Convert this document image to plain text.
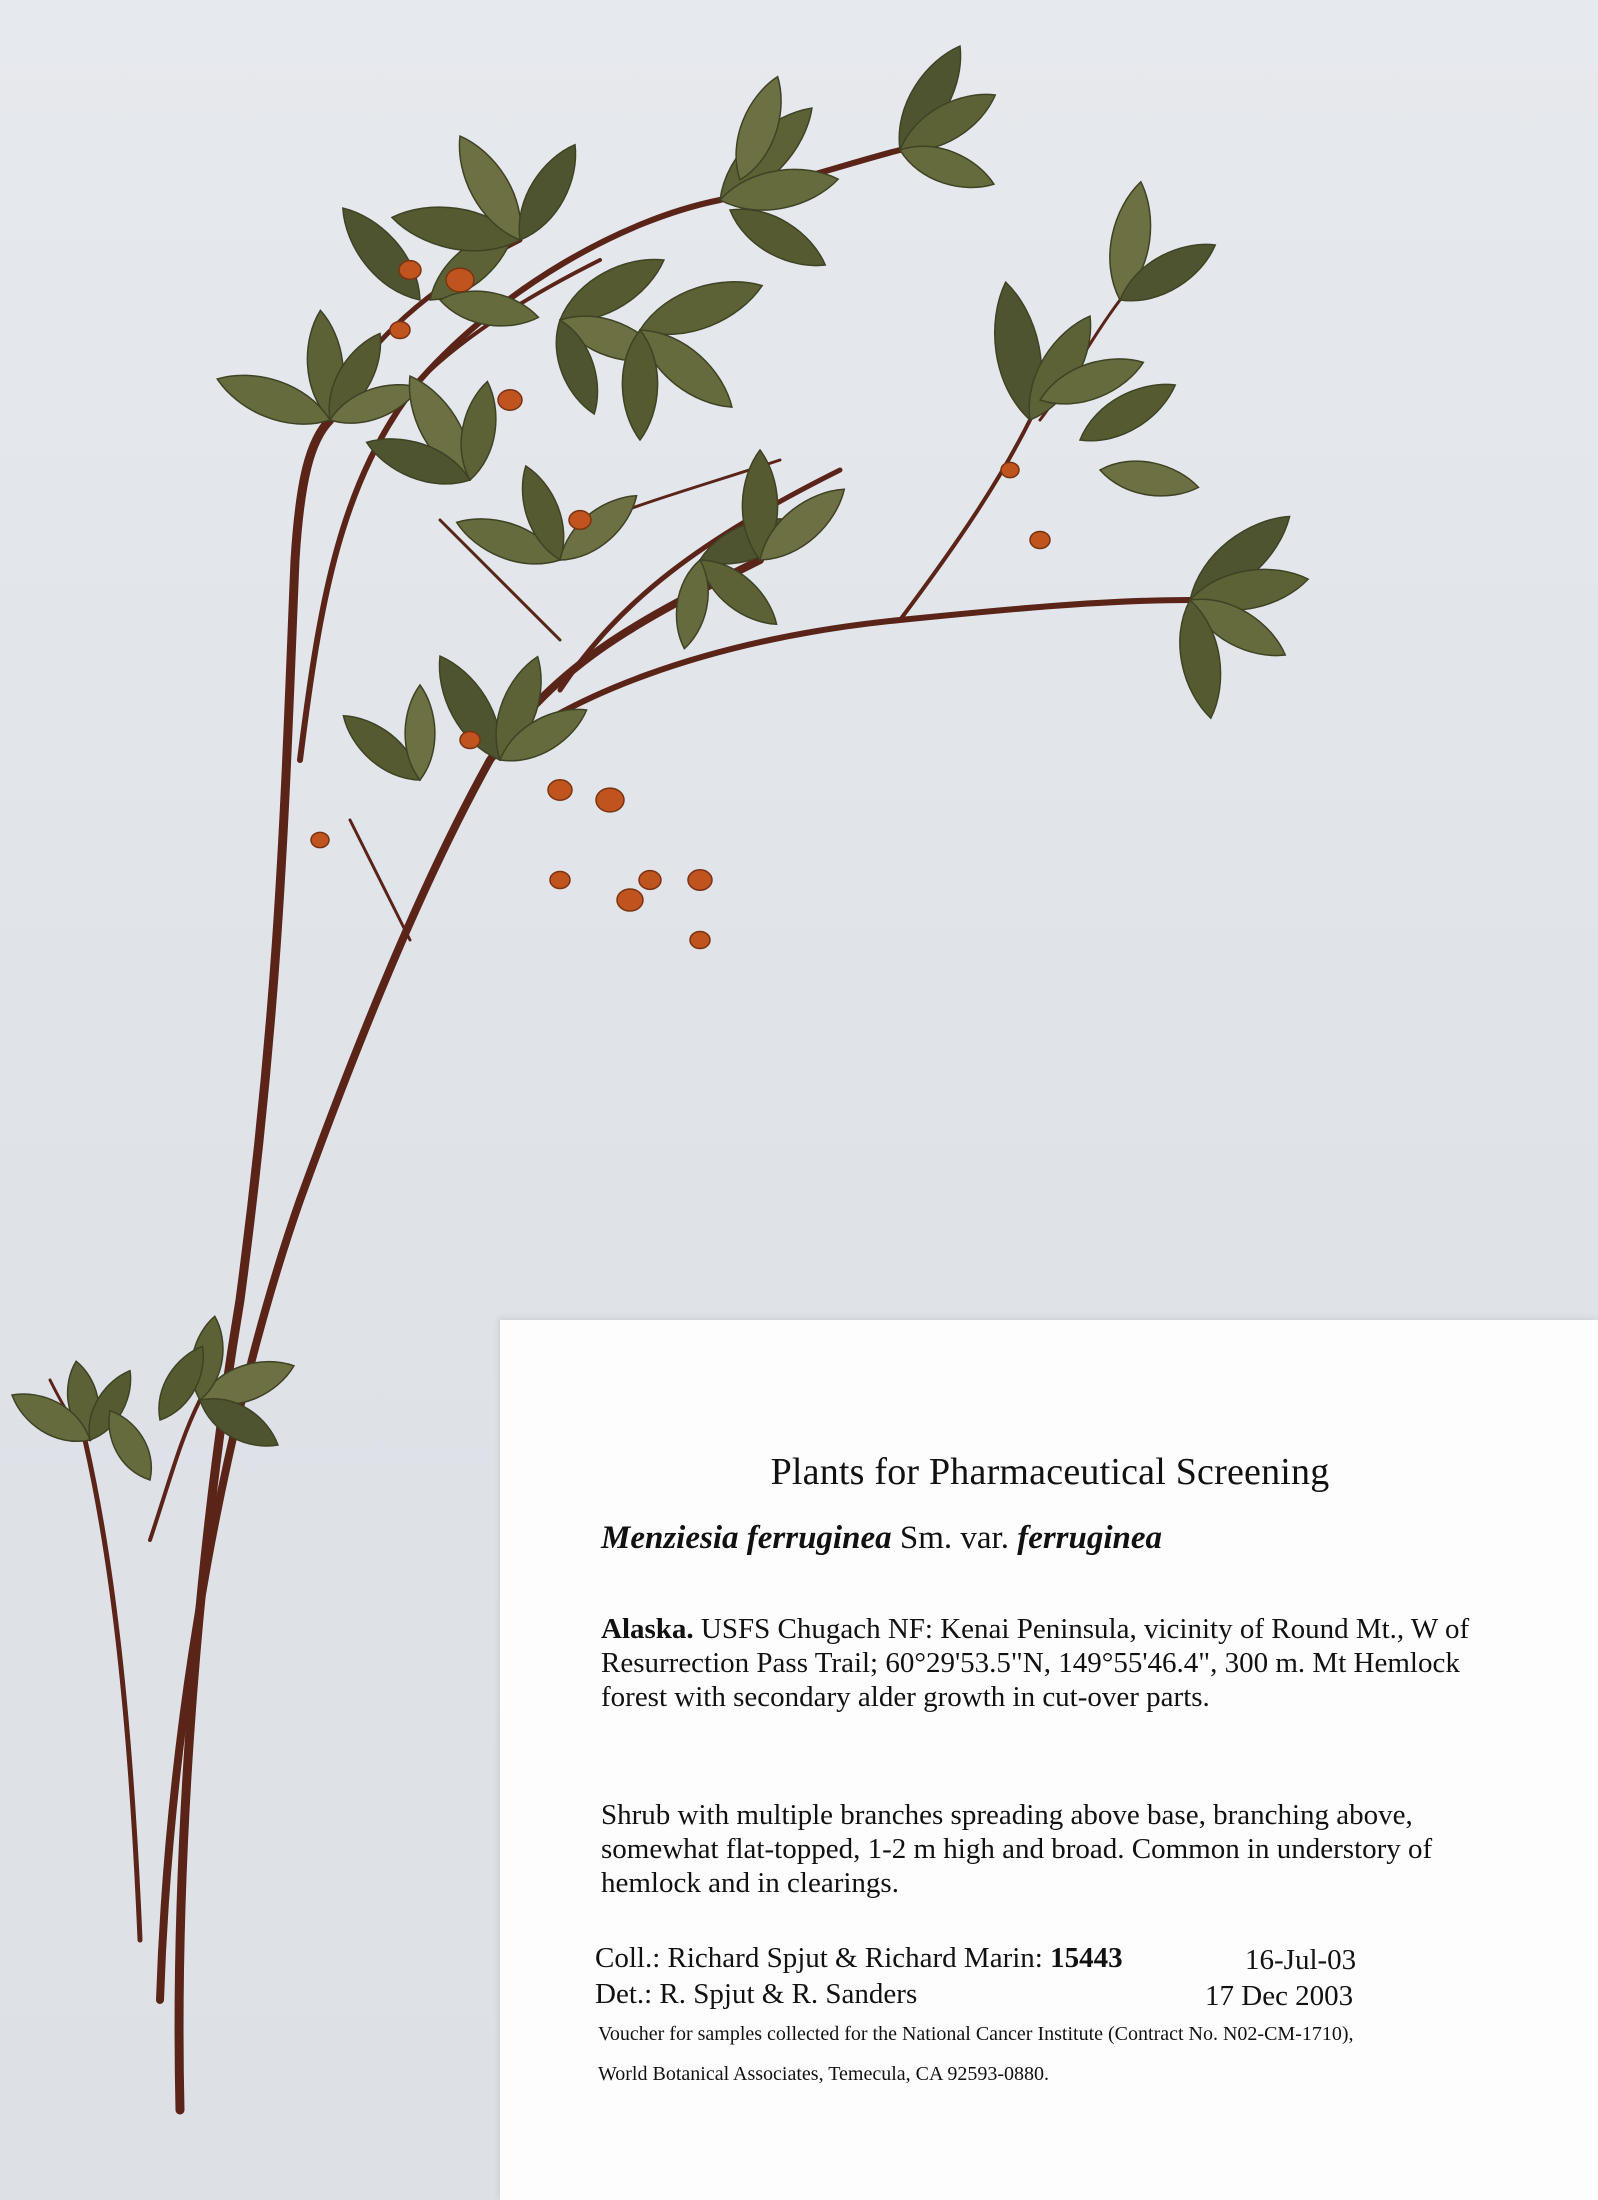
Plants for Pharmaceutical Screening
Menziesia ferruginea Sm. var. ferruginea
Alaska. USFS Chugach NF: Kenai Peninsula, vicinity of Round Mt., W of Resurrection Pass Trail; 60°29'53.5"N, 149°55'46.4", 300 m. Mt Hemlock forest with secondary alder growth in cut-over parts.
Shrub with multiple branches spreading above base, branching above, somewhat flat-topped, 1-2 m high and broad. Common in understory of hemlock and in clearings.
Coll.: Richard Spjut & Richard Marin: 15443	16-Jul-03
Det.: R. Spjut & R. Sanders	17 Dec 2003
Voucher for samples collected for the National Cancer Institute (Contract No. N02-CM-1710),
World Botanical Associates, Temecula, CA 92593-0880.
